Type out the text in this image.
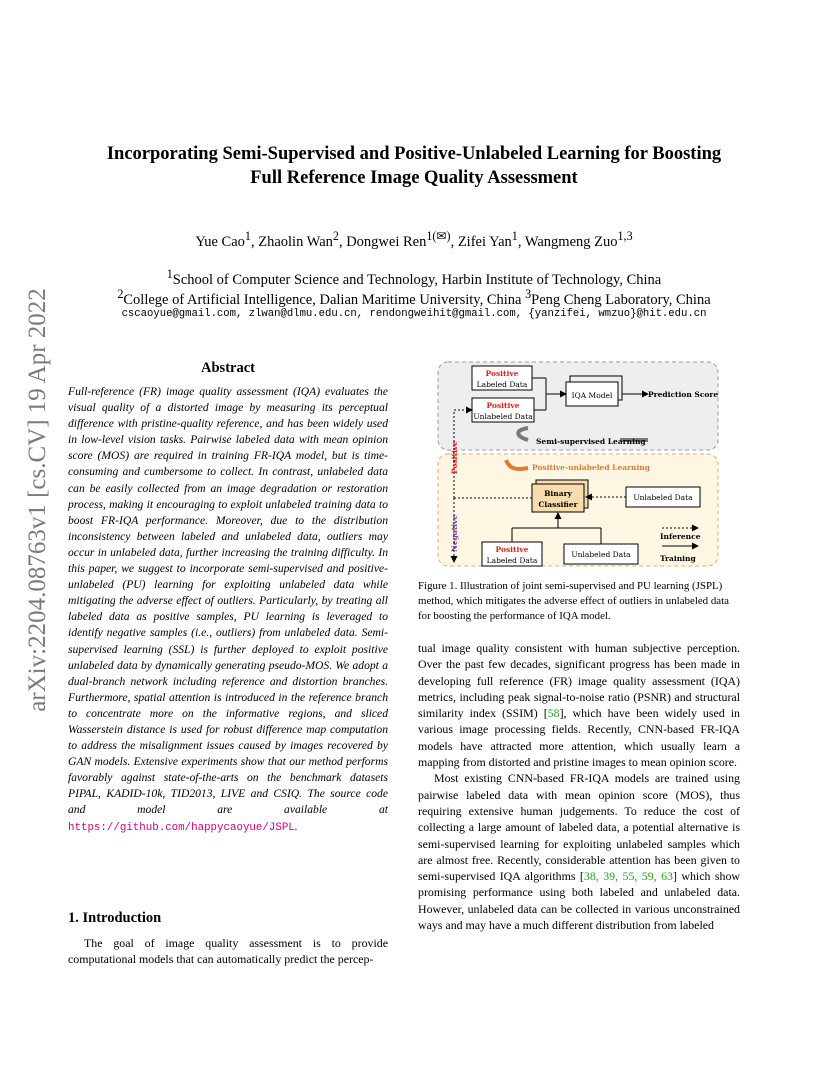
arXiv:2204.08763v1 [cs.CV] 19 Apr 2022
Incorporating Semi-Supervised and Positive-Unlabeled Learning for Boosting
Full Reference Image Quality Assessment
Yue Cao$^1$, Zhaolin Wan$^2$, Dongwei Ren$^{1(✉)}$, Zifei Yan$^1$, Wangmeng Zuo$^{1,3}$
$^1$School of Computer Science and Technology, Harbin Institute of Technology, China
$^2$College of Artificial Intelligence, Dalian Maritime University, China $^3$Peng Cheng Laboratory, China
cscaoyue@gmail.com, zlwan@dlmu.edu.cn, rendongweihit@gmail.com, {yanzifei, wmzuo}@hit.edu.cn
Abstract
Full-reference (FR) image quality assessment (IQA) evaluates the visual quality of a distorted image by measuring its perceptual difference with pristine-quality reference, and has been widely used in low-level vision tasks. Pairwise labeled data with mean opinion score (MOS) are required in training FR-IQA model, but is time-consuming and cumbersome to collect. In contrast, unlabeled data can be easily collected from an image degradation or restoration process, making it encouraging to exploit unlabeled training data to boost FR-IQA performance. Moreover, due to the distribution inconsistency between labeled and unlabeled data, outliers may occur in unlabeled data, further increasing the training difficulty. In this paper, we suggest to incorporate semi-supervised and positive-unlabeled (PU) learning for exploiting unlabeled data while mitigating the adverse effect of outliers. Particularly, by treating all labeled data as positive samples, PU learning is leveraged to identify negative samples (i.e., outliers) from unlabeled data. Semi-supervised learning (SSL) is further deployed to exploit positive unlabeled data by dynamically generating pseudo-MOS. We adopt a dual-branch network including reference and distortion branches. Furthermore, spatial attention is introduced in the reference branch to concentrate more on the informative regions, and sliced Wasserstein distance is used for robust difference map computation to address the misalignment issues caused by images recovered by GAN models. Extensive experiments show that our method performs favorably against state-of-the-arts on the benchmark datasets PIPAL, KADID-10k, TID2013, LIVE and CSIQ. The source code and model are available at https://github.com/happycaoyue/JSPL.
1. Introduction
The goal of image quality assessment is to provide computational models that can automatically predict the percep-
Positive
Labeled Data
Positive
Unlabeled Data
IQA Model	Prediction Score
Semi-supervised Learning
Positive-unlabeled Learning
Binary
Classifier
Unlabeled Data
Positive
Negative	Positive
Labeled Data
Unlabeled Data
Inference
Training
Figure 1. Illustration of joint semi-supervised and PU learning (JSPL) method, which mitigates the adverse effect of outliers in unlabeled data for boosting the performance of IQA model.

tual image quality consistent with human subjective perception. Over the past few decades, significant progress has been made in developing full reference (FR) image quality assessment (IQA) metrics, including peak signal-to-noise ratio (PSNR) and structural similarity index (SSIM) [58], which have been widely used in various image processing fields. Recently, CNN-based FR-IQA models have attracted more attention, which usually learn a mapping from distorted and pristine images to mean opinion score.

Most existing CNN-based FR-IQA models are trained using pairwise labeled data with mean opinion score (MOS), thus requiring extensive human judgements. To reduce the cost of collecting a large amount of labeled data, a potential alternative is semi-supervised learning for exploiting unlabeled samples which are almost free. Recently, considerable attention has been given to semi-supervised IQA algorithms [38, 39, 55, 59, 63] which show promising performance using both labeled and unlabeled data. However, unlabeled data can be collected in various unconstrained ways and may have a much different distribution from labeled
